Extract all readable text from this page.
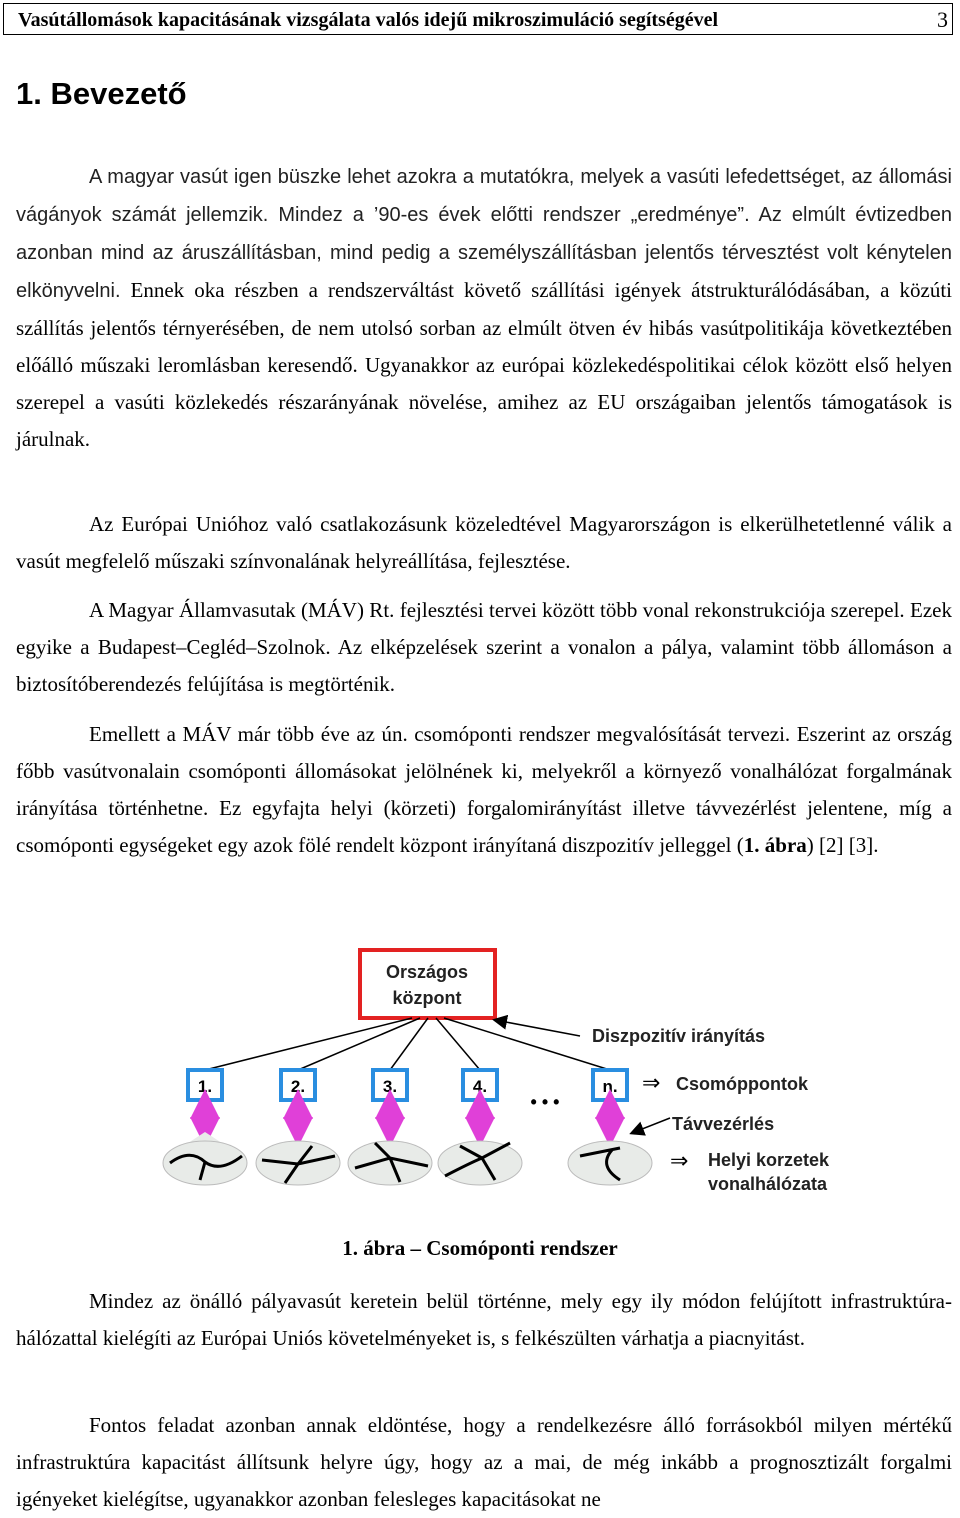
Vasútállomások kapacitásának vizsgálata valós idejű mikroszimuláció segítségével	3
1. Bevezető

A magyar vasút igen büszke lehet azokra a mutatókra, melyek a vasúti lefedettséget, az állomási vágányok számát jellemzik. Mindez a ’90-es évek előtti rendszer „eredménye”. Az elmúlt évtizedben azonban mind az áruszállításban, mind pedig a személyszállításban jelentős térvesztést volt kénytelen elkönyvelni. Ennek oka részben a rendszerváltást követő szállítási igények átstrukturálódásában, a közúti szállítás jelentős térnyerésében, de nem utolsó sorban az elmúlt ötven év hibás vasútpolitikája következtében előálló műszaki leromlásban keresendő. Ugyanakkor az európai közlekedéspolitikai célok között első helyen szerepel a vasúti közlekedés részarányának növelése, amihez az EU országaiban jelentős támogatások is járulnak.

Az Európai Unióhoz való csatlakozásunk közeledtével Magyarországon is elkerülhetetlenné válik a vasút megfelelő műszaki színvonalának helyreállítása, fejlesztése.

A Magyar Államvasutak (MÁV) Rt. fejlesztési tervei között több vonal rekonstrukciója szerepel. Ezek egyike a Budapest–Cegléd–Szolnok. Az elképzelések szerint a vonalon a pálya, valamint több állomáson a biztosítóberendezés felújítása is megtörténik.

Emellett a MÁV már több éve az ún. csomóponti rendszer megvalósítását tervezi. Eszerint az ország főbb vasútvonalain csomóponti állomásokat jelölnének ki, melyekről a környező vonalhálózat forgalmának irányítása történhetne. Ez egyfajta helyi (körzeti) forgalomirányítást illetve távvezérlést jelentene, míg a csomóponti egységeket egy azok fölé rendelt központ irányítaná diszpozitív jelleggel (1. ábra) [2] [3].

Országos
központ
1.	2.	3.	4.
• • •
n.
Diszpozitív irányítás
⇒ Csomóppontok
Távvezérlés
⇒ Helyi korzetek
vonalhálózata
1. ábra – Csomóponti rendszer

Mindez az önálló pályavasút keretein belül történne, mely egy ily módon felújított infrastruktúra-hálózattal kielégíti az Európai Uniós követelményeket is, s felkészülten várhatja a piacnyitást.

Fontos feladat azonban annak eldöntése, hogy a rendelkezésre álló forrásokból milyen mértékű infrastruktúra kapacitást állítsunk helyre úgy, hogy az a mai, de még inkább a prognosztizált forgalmi igényeket kielégítse, ugyanakkor azonban felesleges kapacitásokat ne
